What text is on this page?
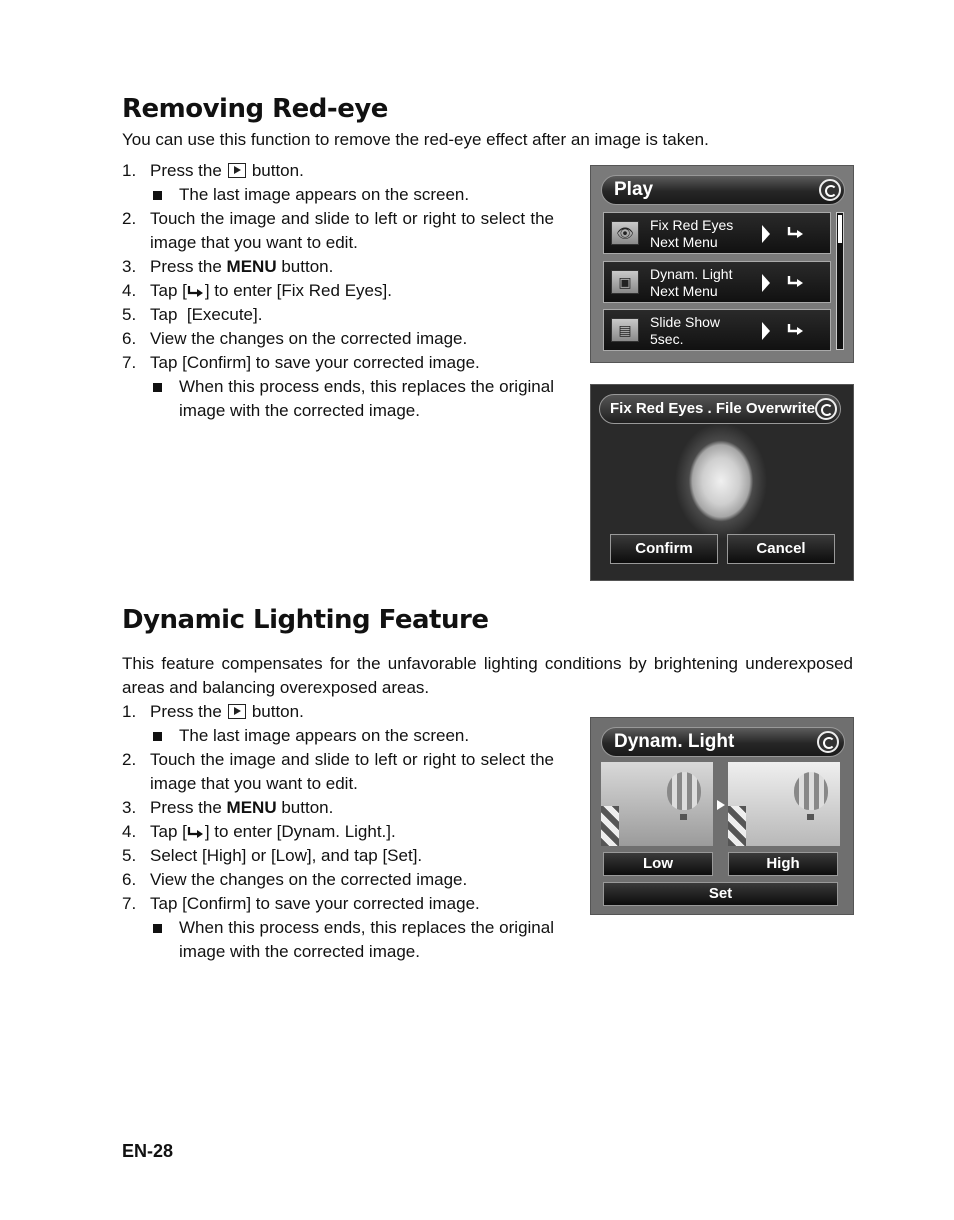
Removing Red-eye
You can use this function to remove the red-eye effect after an image is taken.
1. Press the button.
The last image appears on the screen.
2. Touch the image and slide to left or right to select the image that you want to edit.
3. Press the MENU button.
4. Tap [ ] to enter [Fix Red Eyes].
5. Tap  [Execute].
6. View the changes on the corrected image.
7. Tap [Confirm] to save your corrected image.
When this process ends, this replaces the original image with the corrected image.
Play
👁	Fix Red Eyes
Next Menu
▣	Dynam. Light
Next Menu
▤	Slide Show
5sec.
Fix Red Eyes . File Overwrite
Confirm	Cancel
Dynamic Lighting Feature
This feature compensates for the unfavorable lighting conditions by brightening underexposed areas and balancing overexposed areas.
1. Press the button.
The last image appears on the screen.
2. Touch the image and slide to left or right to select the image that you want to edit.
3. Press the MENU button.
4. Tap [ ] to enter [Dynam. Light.].
5. Select [High] or [Low], and tap [Set].
6. View the changes on the corrected image.
7. Tap [Confirm] to save your corrected image.
When this process ends, this replaces the original image with the corrected image.
Dynam. Light
Low	High
Set
EN-28
